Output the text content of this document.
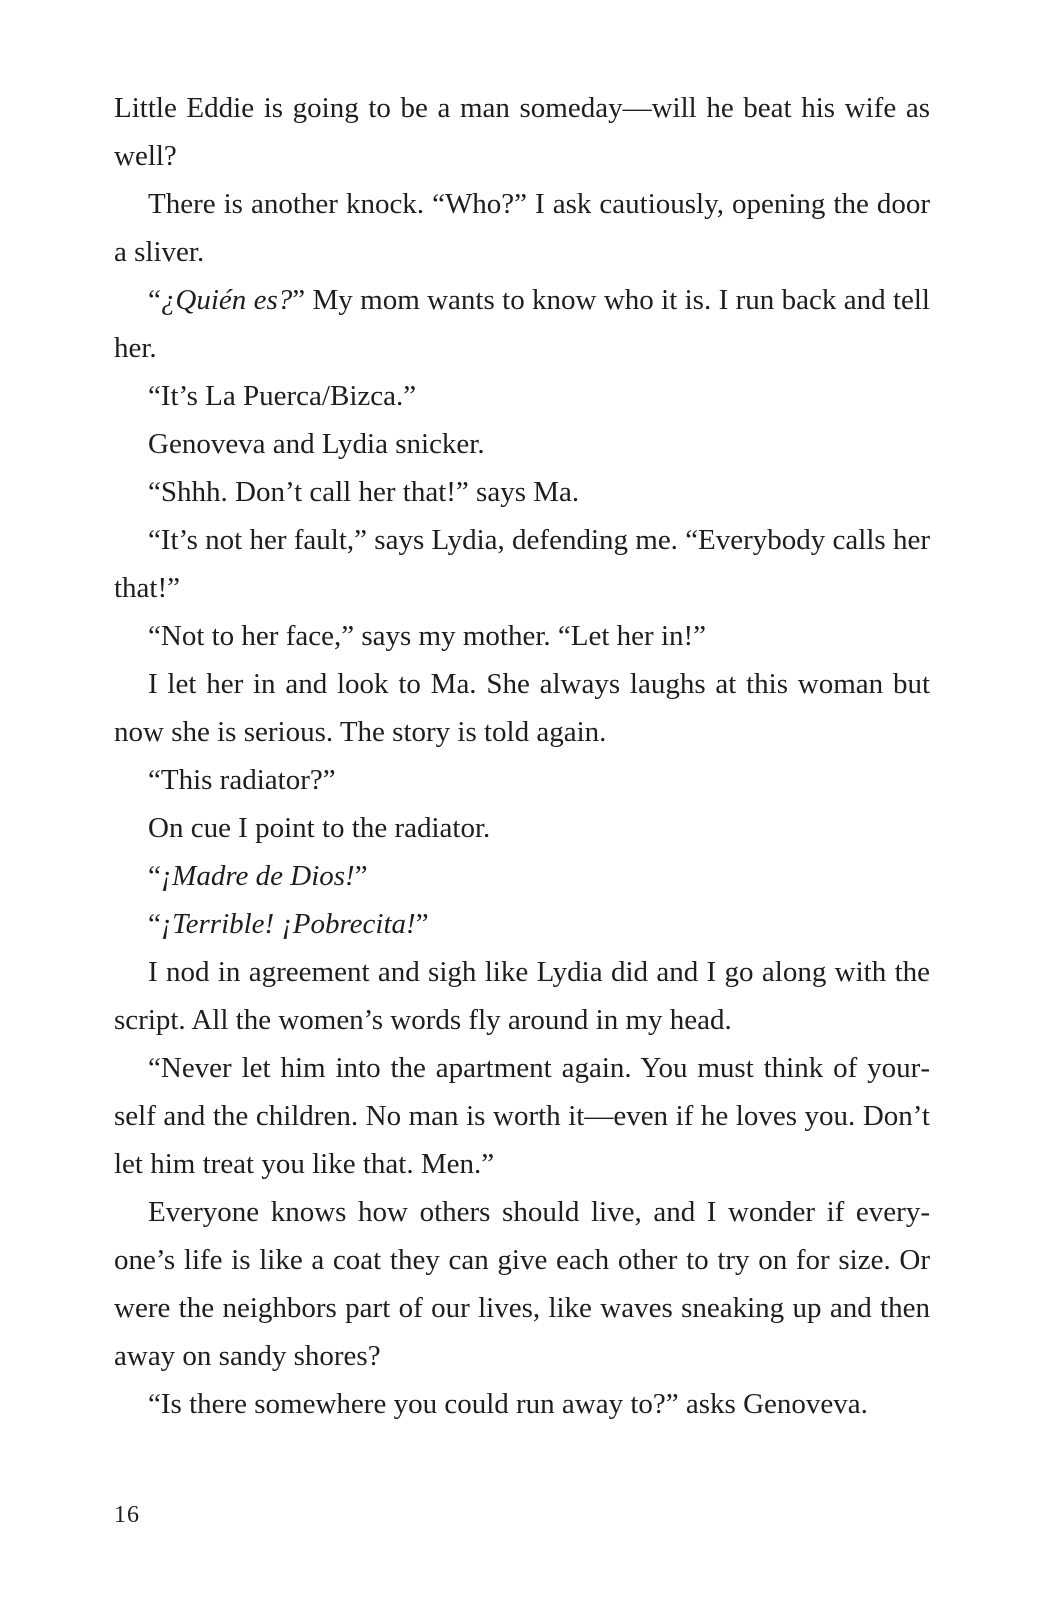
Little Eddie is going to be a man someday—will he beat his wife as well?

There is another knock. “Who?” I ask cautiously, opening the door a sliver.

“¿Quién es?” My mom wants to know who it is. I run back and tell her.

“It’s La Puerca/Bizca.”

Genoveva and Lydia snicker.

“Shhh. Don’t call her that!” says Ma.

“It’s not her fault,” says Lydia, defending me. “Everybody calls her that!”

“Not to her face,” says my mother. “Let her in!”

I let her in and look to Ma. She always laughs at this woman but now she is serious. The story is told again.

“This radiator?”

On cue I point to the radiator.

“¡Madre de Dios!”

“¡Terrible! ¡Pobrecita!”

I nod in agreement and sigh like Lydia did and I go along with the script. All the women’s words fly around in my head.

“Never let him into the apartment again. You must think of yourself and the children. No man is worth it—even if he loves you. Don’t let him treat you like that. Men.”

Everyone knows how others should live, and I wonder if everyone’s life is like a coat they can give each other to try on for size. Or were the neighbors part of our lives, like waves sneaking up and then away on sandy shores?

“Is there somewhere you could run away to?” asks Genoveva.

16
